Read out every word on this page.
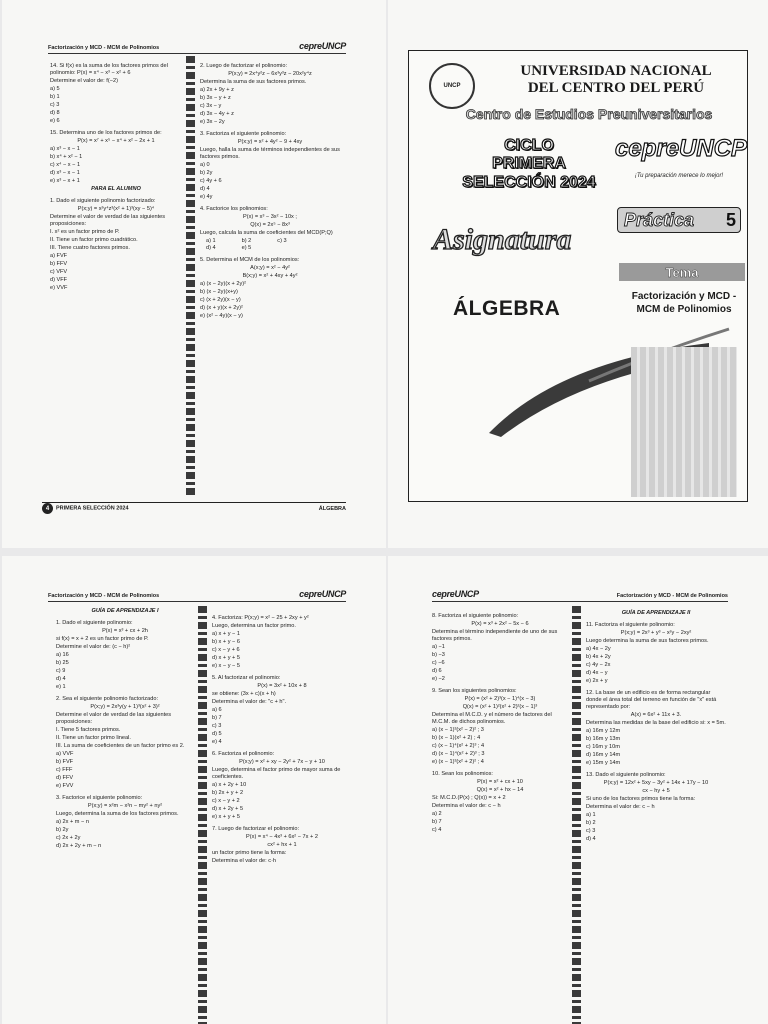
Factorización y MCD - MCM de Polinomios	cepreUNCP

14. Si f(x) es la suma de los factores primos del polinomio: P(x) = x⁴ − x³ − x² + 6

Determine el valor de: f(−2)

a) 5

b) 1

c) 3

d) 8

e) 6

15. Determina uno de los factores primos de:

P(x) = x⁷ + x⁵ − x⁴ + x² − 2x + 1

a) x³ − x − 1

b) x⁴ + x² − 1

c) x⁴ − x − 1

d) x³ − x − 1

e) x³ − x + 1

PARA EL ALUMNO

1. Dado el siguiente polinomio factorizado:

P(x;y) = x²y⁴z³(x² + 1)³(xy − 5)⁴

Determine el valor de verdad de las siguientes proposiciones:

I. x² es un factor primo de P.

II. Tiene un factor primo cuadrático.

III. Tiene cuatro factores primos.

a) FVF

b) FFV

c) VFV

d) VFF

e) VVF

2. Luego de factorizar el polinomio:

P(x;y) = 2x⁴y²z − 6x³y³z − 20x²y⁴z

Determina la suma de sus factores primos.

a) 2x + 9y + z

b) 3x − y + z

c) 3x − y

d) 3x − 4y + z

e) 3x − 2y

3. Factoriza el siguiente polinomio:

P(x;y) = x² + 4y² − 9 + 4xy

Luego, halla la suma de términos independientes de sus factores primos.

a) 0

b) 2y

c) 4y + 6

d) 4

e) 4y

4. Factorice los polinomios:

P(x) = x³ − 3x² − 10x ;

Q(x) = 2x⁵ − 8x³

Luego, calcula la suma de coeficientes del MCD(P;Q)

a) 1	b) 2	c) 3
d) 4	e) 5

5. Determina el MCM de los polinomios:

A(x;y) = x² − 4y²

B(x;y) = x² + 4xy + 4y²

a) (x − 2y)(x + 2y)²

b) (x − 2y)(x+y)

c) (x + 2y)(x − y)

d) (x + y)(x + 2y)²

e) (x² − 4y)(x − y)

4 PRIMERA SELECCIÓN 2024	ÁLGEBRA
UNCP
UNIVERSIDAD NACIONAL
DEL CENTRO DEL PERÚ
Centro de Estudios Preuniversitarios
CICLO
PRIMERA
SELECCIÓN 2024
cepreUNCP
¡Tu preparación merece lo mejor!
Práctica 5
Asignatura
Tema
ÁLGEBRA
Factorización y MCD - MCM de Polinomios
Factorización y MCD - MCM de Polinomios	cepreUNCP

GUÍA DE APRENDIZAJE I

1. Dado el siguiente polinomio:

P(x) = x³ + cx + 2h

si f(x) = x + 2 es un factor primo de P.

Determine el valor de: (c − h)²

a) 16

b) 25

c) 9

d) 4

e) 1

2. Sea el siguiente polinomio factorizado:

P(x;y) = 2x³y(y + 1)³(x² + 3)²

Determine el valor de verdad de las siguientes proposiciones:

I. Tiene 5 factores primos.

II. Tiene un factor primo lineal.

III. La suma de coeficientes de un factor primo es 2.

a) VVF

b) FVF

c) FFF

d) FFV

e) FVV

3. Factorice el siguiente polinomio:

P(x;y) = x²m − x²n − my² + ny²

Luego, determina la suma de los factores primos.

a) 2x + m − n

b) 2y

c) 2x + 2y

d) 2x + 2y + m − n

4. Factoriza: P(x;y) = x² − 25 + 2xy + y²

Luego, determina un factor primo.

a) x + y − 1

b) x + y − 6

c) x − y + 6

d) x + y + 5

e) x − y − 5

5. Al factorizar el polinomio:

P(x) = 3x² + 10x + 8

se obtiene: (3x + c)(x + h)

Determina el valor de: "c + h".

a) 6

b) 7

c) 3

d) 5

e) 4

6. Factoriza el polinomio:

P(x;y) = x² + xy − 2y² + 7x − y + 10

Luego, determina el factor primo de mayor suma de coeficientes.

a) x + 2y + 10

b) 2x + y + 2

c) x − y + 2

d) x + 2y + 5

e) x + y + 5

7. Luego de factorizar el polinomio:

P(x) = x⁴ − 4x³ + 6x² − 7x + 2

cx² + hx + 1

un factor primo tiene la forma:

Determina el valor de: c·h

cepreUNCP	Factorización y MCD - MCM de Polinomios

8. Factoriza el siguiente polinomio:

P(x) = x³ + 2x² − 5x − 6

Determina el término independiente de uno de sus factores primos.

a) −1

b) −3

c) −6

d) 6

e) −2

9. Sean los siguientes polinomios:

P(x) = (x² + 2)³(x − 1)⁴(x − 3)

Q(x) = (x² + 1)²(x² + 2)²(x − 1)³

Determina el M.C.D. y el número de factores del M.C.M. de dichos polinomios.

a) (x − 1)³(x² − 2)² ; 3

b) (x − 1)(x² + 2) ; 4

c) (x − 1)⁴(x² + 2)³ ; 4

d) (x − 1)⁴(x² + 2)³ ; 3

e) (x − 1)³(x² + 2)² ; 4

10. Sean los polinomios:

P(x) = x² + cx + 10

Q(x) = x² + hx − 14

Si: M.C.D.(P(x) ; Q(x)) = x + 2

Determina el valor de: c − h

a) 2

b) 7

c) 4

GUÍA DE APRENDIZAJE II

11. Factoriza el siguiente polinomio:

P(x;y) = 2x³ + y³ − x²y − 2xy²

Luego determina la suma de sus factores primos.

a) 4x − 2y

b) 4x + 2y

c) 4y − 2x

d) 4x − y

e) 2x + y

12. La base de un edificio es de forma rectangular donde el área total del terreno en función de "x" está representado por:

A(x) = 6x² + 11x + 3.

Determina las medidas de la base del edificio si: x = 5m.

a) 16m y 12m

b) 16m y 13m

c) 16m y 10m

d) 16m y 14m

e) 15m y 14m

13. Dado el siguiente polinomio:

P(x;y) = 12x² + 5xy − 3y² + 14x + 17y − 10

cx − hy + 5

Si uno de los factores primos tiene la forma:

Determina el valor de: c − h

a) 1

b) 2

c) 3

d) 4
